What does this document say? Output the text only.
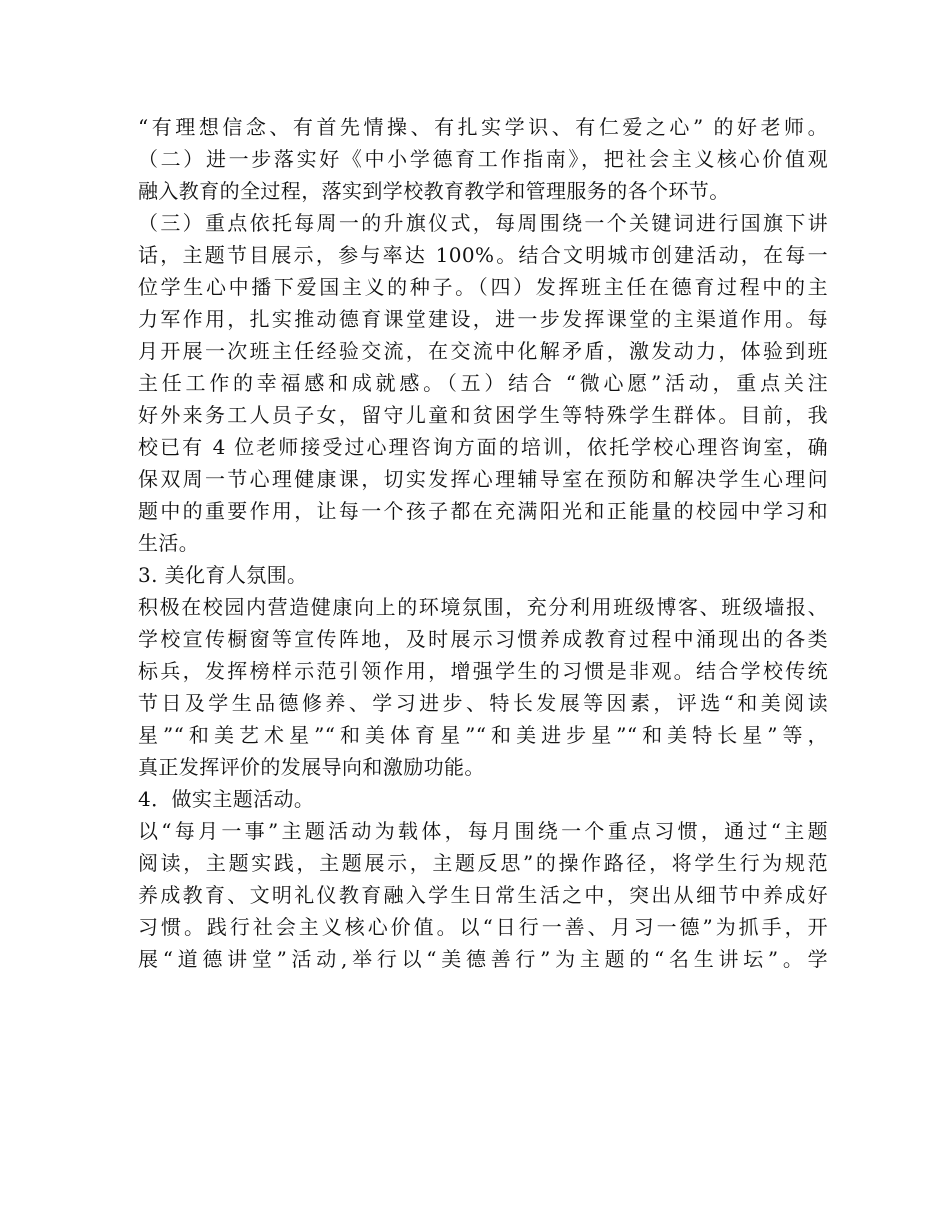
“有理想信念、有首先情操、有扎实学识、有仁爱之心” 的好老师。
（二）进一步落实好《中小学德育工作指南》，把社会主义核心价值观
融入教育的全过程，落实到学校教育教学和管理服务的各个环节。
（三）重点依托每周一的升旗仪式，每周围绕一个关键词进行国旗下讲
话，主题节目展示，参与率达 100%。结合文明城市创建活动，在每一
位学生心中播下爱国主义的种子。（四）发挥班主任在德育过程中的主
力军作用，扎实推动德育课堂建设，进一步发挥课堂的主渠道作用。每
月开展一次班主任经验交流，在交流中化解矛盾，激发动力，体验到班
主任工作的幸福感和成就感。（五）结合 “微心愿”活动，重点关注
好外来务工人员子女，留守儿童和贫困学生等特殊学生群体。目前，我
校已有 4 位老师接受过心理咨询方面的培训，依托学校心理咨询室，确
保双周一节心理健康课，切实发挥心理辅导室在预防和解决学生心理问
题中的重要作用，让每一个孩子都在充满阳光和正能量的校园中学习和
生活。
3. 美化育人氛围。
积极在校园内营造健康向上的环境氛围，充分利用班级博客、班级墙报、
学校宣传橱窗等宣传阵地，及时展示习惯养成教育过程中涌现出的各类
标兵，发挥榜样示范引领作用，增强学生的习惯是非观。结合学校传统
节日及学生品德修养、学习进步、特长发展等因素，评选“和美阅读
星”“和美艺术星”“和美体育星”“和美进步星”“和美特长星”等，
真正发挥评价的发展导向和激励功能。
4．做实主题活动。
以“每月一事”主题活动为载体，每月围绕一个重点习惯，通过“主题
阅读，主题实践，主题展示，主题反思”的操作路径，将学生行为规范
养成教育、文明礼仪教育融入学生日常生活之中，突出从细节中养成好
习惯。践行社会主义核心价值。以“日行一善、月习一德”为抓手，开
展“道德讲堂”活动,举行以“美德善行”为主题的“名生讲坛”。学
